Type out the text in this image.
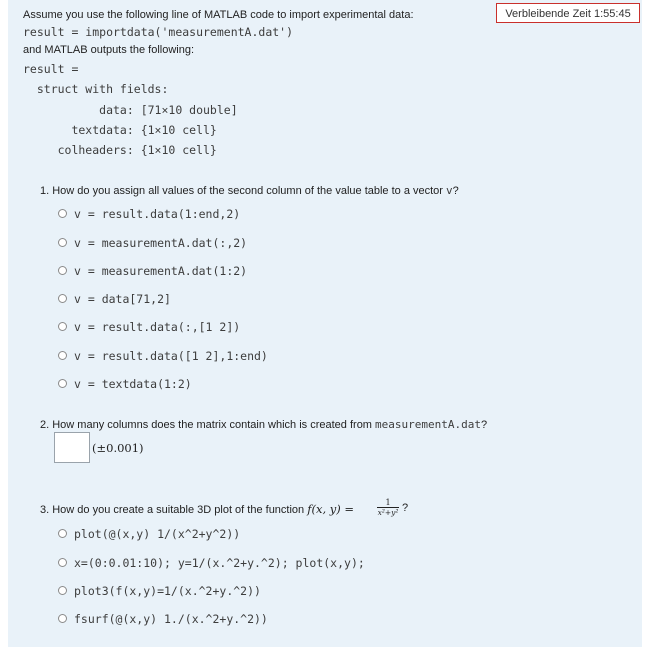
Verbleibende Zeit 1:55:45
Assume you use the following line of MATLAB code to import experimental data:
result = importdata('measurementA.dat')
and MATLAB outputs the following:
result =
struct with fields:
data: [71×10 double]
textdata: {1×10 cell}
colheaders: {1×10 cell}
1. How do you assign all values of the second column of the value table to a vector v?
v = result.data(1:end,2)
v = measurementA.dat(:,2)
v = measurementA.dat(1:2)
v = data[71,2]
v = result.data(:,[1 2])
v = result.data([1 2],1:end)
v = textdata(1:2)
2. How many columns does the matrix contain which is created from measurementA.dat?
(±0.001)
3. How do you create a suitable 3D plot of the function f(x, y) =	1
x²+y² ?
plot(@(x,y) 1/(x^2+y^2))
x=(0:0.01:10); y=1/(x.^2+y.^2); plot(x,y);
plot3(f(x,y)=1/(x.^2+y.^2))
fsurf(@(x,y) 1./(x.^2+y.^2))
